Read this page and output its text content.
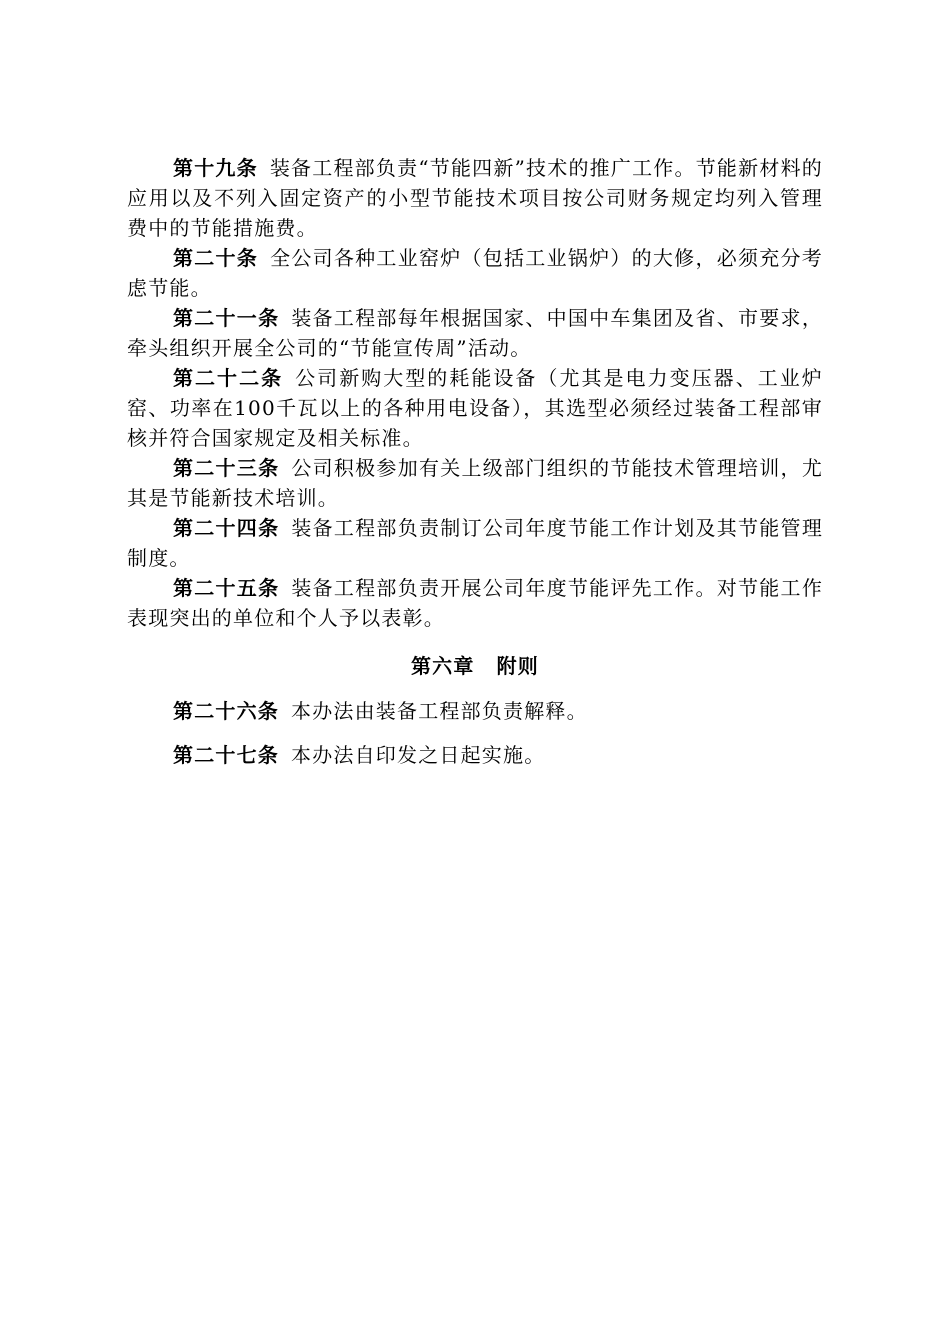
第十九条 装备工程部负责“节能四新”技术的推广工作。节能新材料的应用以及不列入固定资产的小型节能技术项目按公司财务规定均列入管理费中的节能措施费。

第二十条 全公司各种工业窑炉（包括工业锅炉）的大修，必须充分考虑节能。

第二十一条 装备工程部每年根据国家、中国中车集团及省、市要求，牵头组织开展全公司的“节能宣传周”活动。

第二十二条 公司新购大型的耗能设备（尤其是电力变压器、工业炉窑、功率在100千瓦以上的各种用电设备），其选型必须经过装备工程部审核并符合国家规定及相关标准。

第二十三条 公司积极参加有关上级部门组织的节能技术管理培训，尤其是节能新技术培训。

第二十四条 装备工程部负责制订公司年度节能工作计划及其节能管理制度。

第二十五条 装备工程部负责开展公司年度节能评先工作。对节能工作表现突出的单位和个人予以表彰。

第六章 附则

第二十六条 本办法由装备工程部负责解释。

第二十七条 本办法自印发之日起实施。
